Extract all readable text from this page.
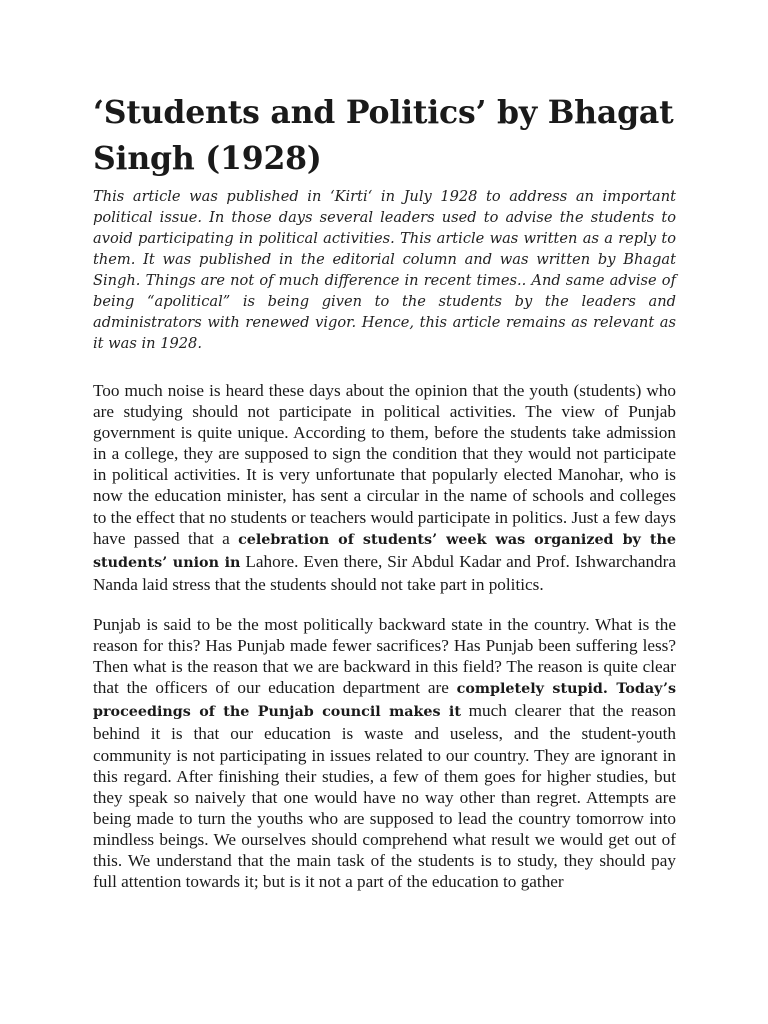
‘Students and Politics’ by Bhagat Singh (1928)

This article was published in ‘Kirti‘ in July 1928 to address an important political issue. In those days several leaders used to advise the students to avoid participating in political activities. This article was written as a reply to them. It was published in the editorial column and was written by Bhagat Singh. Things are not of much difference in recent times.. And same advise of being “apolitical” is being given to the students by the leaders and administrators with renewed vigor. Hence, this article remains as relevant as it was in 1928.

Too much noise is heard these days about the opinion that the youth (students) who are studying should not participate in political activities. The view of Punjab government is quite unique. According to them, before the students take admission in a college, they are supposed to sign the condition that they would not participate in political activities. It is very unfortunate that popularly elected Manohar, who is now the education minister, has sent a circular in the name of schools and colleges to the effect that no students or teachers would participate in politics. Just a few days have passed that a celebration of students’ week was organized by the students’ union in Lahore. Even there, Sir Abdul Kadar and Prof. Ishwarchandra Nanda laid stress that the students should not take part in politics.

Punjab is said to be the most politically backward state in the country. What is the reason for this? Has Punjab made fewer sacrifices? Has Punjab been suffering less? Then what is the reason that we are backward in this field? The reason is quite clear that the officers of our education department are completely stupid. Today’s proceedings of the Punjab council makes it much clearer that the reason behind it is that our education is waste and useless, and the student-youth community is not participating in issues related to our country. They are ignorant in this regard. After finishing their studies, a few of them goes for higher studies, but they speak so naively that one would have no way other than regret. Attempts are being made to turn the youths who are supposed to lead the country tomorrow into mindless beings. We ourselves should comprehend what result we would get out of this. We understand that the main task of the students is to study, they should pay full attention towards it; but is it not a part of the education to gather
